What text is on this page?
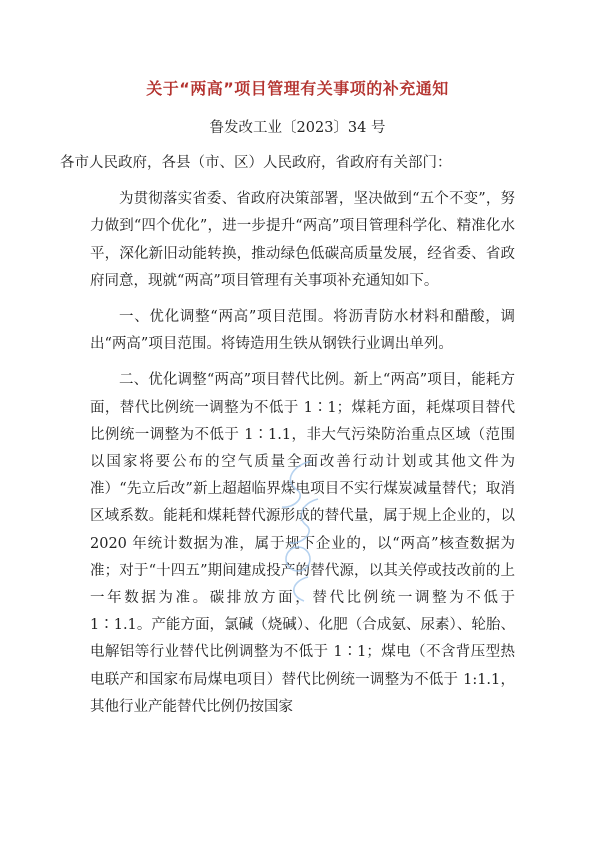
关于“两高”项目管理有关事项的补充通知
鲁发改工业〔2023〕34 号

各市人民政府，各县（市、区）人民政府，省政府有关部门：

为贯彻落实省委、省政府决策部署，坚决做到“五个不变”，努力做到“四个优化”，进一步提升“两高”项目管理科学化、精准化水平，深化新旧动能转换，推动绿色低碳高质量发展，经省委、省政府同意，现就“两高”项目管理有关事项补充通知如下。

一、优化调整“两高”项目范围。将沥青防水材料和醋酸，调出“两高”项目范围。将铸造用生铁从钢铁行业调出单列。

二、优化调整“两高”项目替代比例。新上“两高”项目，能耗方面，替代比例统一调整为不低于 1∶1；煤耗方面，耗煤项目替代比例统一调整为不低于 1∶1.1，非大气污染防治重点区域（范围以国家将要公布的空气质量全面改善行动计划或其他文件为准）“先立后改”新上超超临界煤电项目不实行煤炭减量替代；取消区域系数。能耗和煤耗替代源形成的替代量，属于规上企业的，以 2020 年统计数据为准，属于规下企业的，以“两高”核查数据为准；对于“十四五”期间建成投产的替代源，以其关停或技改前的上一年数据为准。碳排放方面，替代比例统一调整为不低于 1∶1.1。产能方面，氯碱（烧碱）、化肥（合成氨、尿素）、轮胎、电解铝等行业替代比例调整为不低于 1∶1；煤电（不含背压型热电联产和国家布局煤电项目）替代比例统一调整为不低于 1:1.1，其他行业产能替代比例仍按国家
